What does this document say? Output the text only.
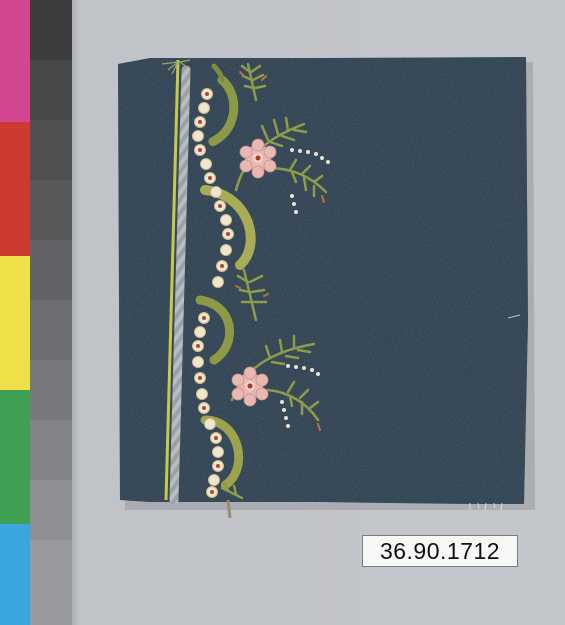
36.90.1712
